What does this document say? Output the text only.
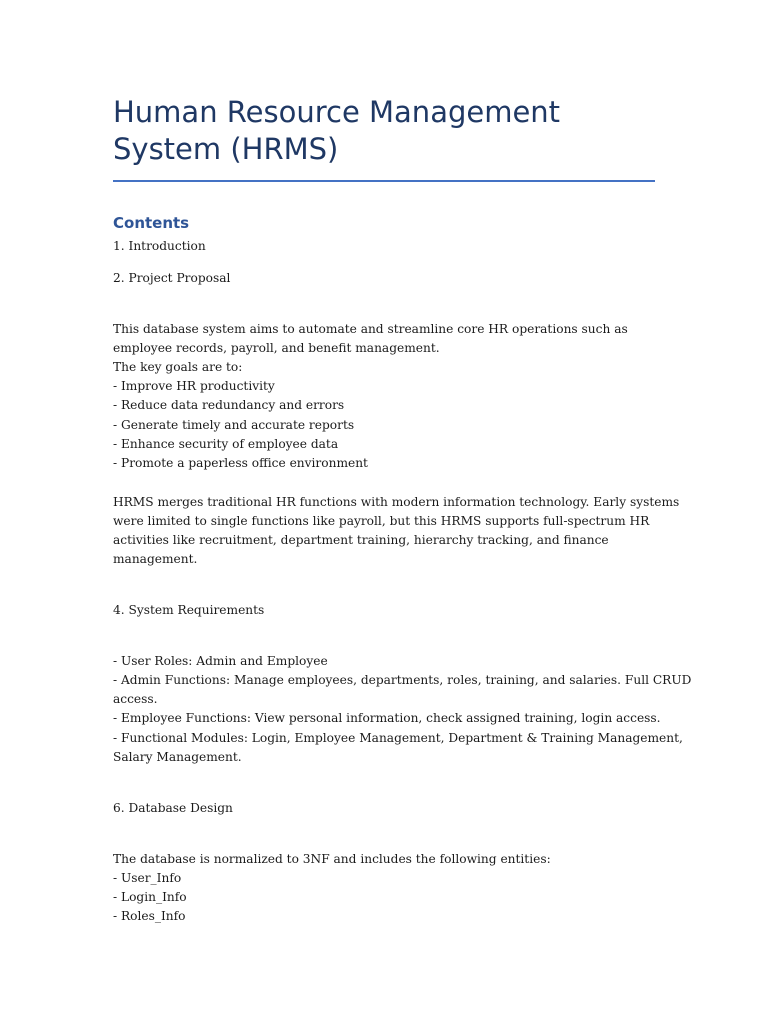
Human Resource Management System (HRMS)
Contents
1. Introduction
2. Project Proposal
This database system aims to automate and streamline core HR operations such as
employee records, payroll, and benefit management.
The key goals are to:
- Improve HR productivity
- Reduce data redundancy and errors
- Generate timely and accurate reports
- Enhance security of employee data
- Promote a paperless office environment
HRMS merges traditional HR functions with modern information technology. Early systems
were limited to single functions like payroll, but this HRMS supports full-spectrum HR
activities like recruitment, department training, hierarchy tracking, and finance
management.
4. System Requirements
- User Roles: Admin and Employee
- Admin Functions: Manage employees, departments, roles, training, and salaries. Full CRUD
access.
- Employee Functions: View personal information, check assigned training, login access.
- Functional Modules: Login, Employee Management, Department & Training Management,
Salary Management.
6. Database Design
The database is normalized to 3NF and includes the following entities:
- User_Info
- Login_Info
- Roles_Info
